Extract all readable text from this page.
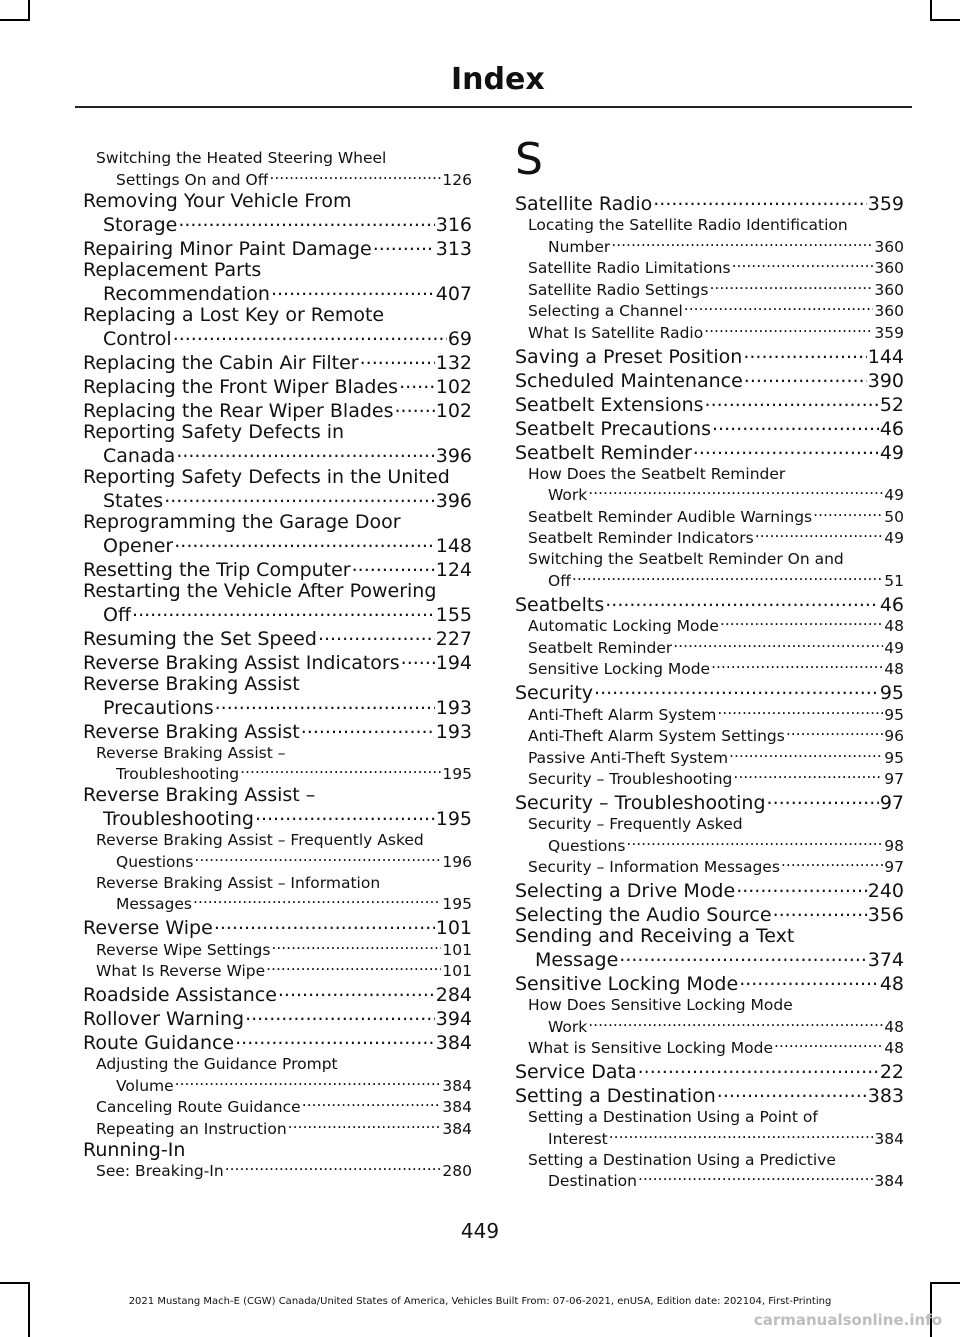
Index
Switching the Heated Steering Wheel
Settings On and Off .....	126
Removing Your Vehicle From
Storage .....	316
Repairing Minor Paint Damage .....	313
Replacement Parts
Recommendation .....	407
Replacing a Lost Key or Remote
Control .....	69
Replacing the Cabin Air Filter .....	132
Replacing the Front Wiper Blades ..... 102
Replacing the Rear Wiper Blades ..... 102
Reporting Safety Defects in
Canada .....	396
Reporting Safety Defects in the United
States .....	396
Reprogramming the Garage Door
Opener .....	148
Resetting the Trip Computer .....	124
Restarting the Vehicle After Powering
Off .....	155
Resuming the Set Speed .....	227
Reverse Braking Assist Indicators ..... 194
Reverse Braking Assist
Precautions .....	193
Reverse Braking Assist .....	193
Reverse Braking Assist –
Troubleshooting .....	195
Reverse Braking Assist –
Troubleshooting .....	195
Reverse Braking Assist – Frequently Asked
Questions .....	196
Reverse Braking Assist – Information
Messages .....	195
Reverse Wipe .....	101
Reverse Wipe Settings .....	101
What Is Reverse Wipe .....	101
Roadside Assistance .....	284
Rollover Warning .....	394
Route Guidance .....	384
Adjusting the Guidance Prompt
Volume .....	384
Canceling Route Guidance .....	384
Repeating an Instruction .....	384
Running-In
See: Breaking-In .....	280
S
Satellite Radio .....	359
Locating the Satellite Radio Identification
Number .....	360
Satellite Radio Limitations .....	360
Satellite Radio Settings .....	360
Selecting a Channel .....	360
What Is Satellite Radio .....	359
Saving a Preset Position .....	144
Scheduled Maintenance .....	390
Seatbelt Extensions .....	52
Seatbelt Precautions .....	46
Seatbelt Reminder .....	49
How Does the Seatbelt Reminder
Work .....	49
Seatbelt Reminder Audible Warnings .....	50
Seatbelt Reminder Indicators .....	49
Switching the Seatbelt Reminder On and
Off .....	51
Seatbelts .....	46
Automatic Locking Mode .....	48
Seatbelt Reminder .....	49
Sensitive Locking Mode .....	48
Security .....	95
Anti-Theft Alarm System .....	95
Anti-Theft Alarm System Settings .....	96
Passive Anti-Theft System .....	95
Security – Troubleshooting .....	97
Security – Troubleshooting .....	97
Security – Frequently Asked
Questions .....	98
Security – Information Messages .....	97
Selecting a Drive Mode .....	240
Selecting the Audio Source .....	356
Sending and Receiving a Text
Message .....	374
Sensitive Locking Mode .....	48
How Does Sensitive Locking Mode
Work .....	48
What is Sensitive Locking Mode .....	48
Service Data .....	22
Setting a Destination .....	383
Setting a Destination Using a Point of
Interest .....	384
Setting a Destination Using a Predictive
Destination .....	384
449
2021 Mustang Mach-E (CGW) Canada/United States of America, Vehicles Built From: 07-06-2021, enUSA, Edition date: 202104, First-Printing
carmanualsonline.info
